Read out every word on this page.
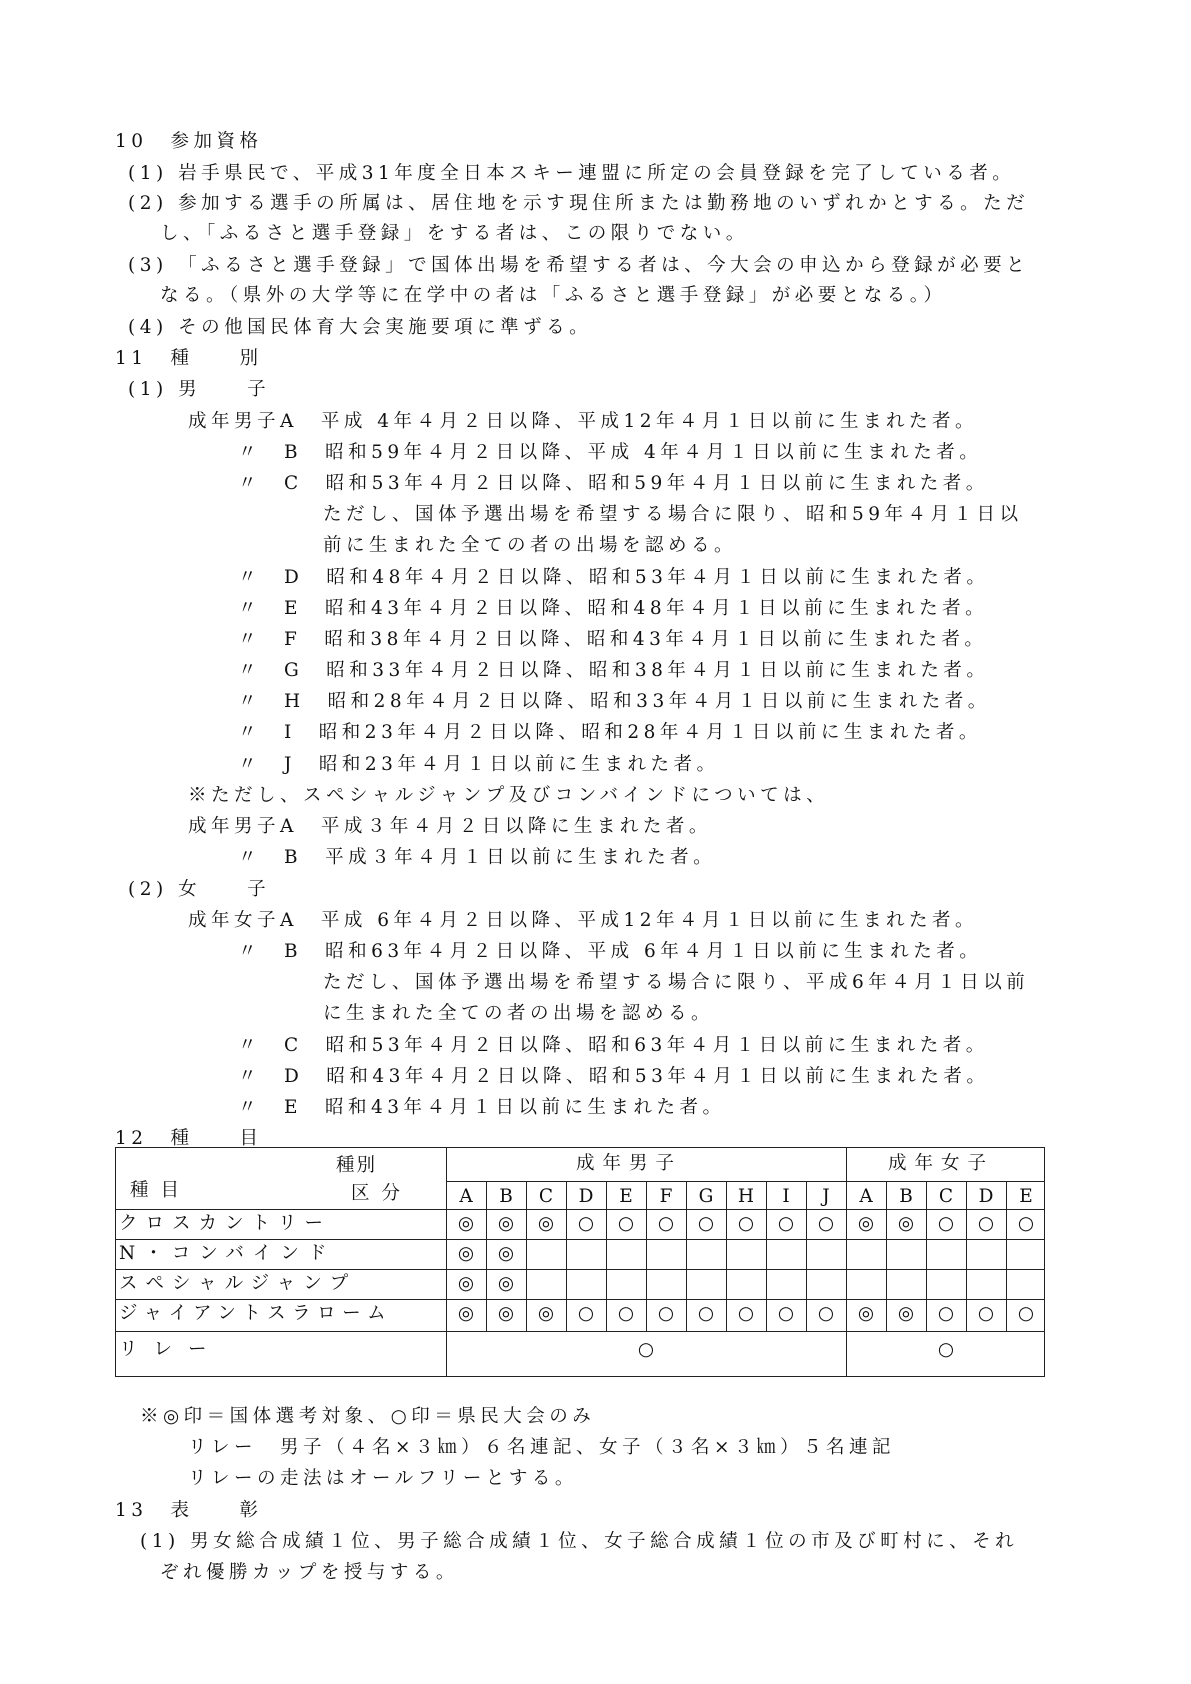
10　参加資格
(1) 岩手県民で、平成31年度全日本スキー連盟に所定の会員登録を完了している者。
(2) 参加する選手の所属は、居住地を示す現住所または勤務地のいずれかとする。ただ
し、「ふるさと選手登録」をする者は、この限りでない。
(3) 「ふるさと選手登録」で国体出場を希望する者は、今大会の申込から登録が必要と
なる。（県外の大学等に在学中の者は「ふるさと選手登録」が必要となる。）
(4) その他国民体育大会実施要項に準ずる。
11　種　　別
(1) 男　　子
成年男子A　平成 4年４月２日以降、平成12年４月１日以前に生まれた者。
〃　B　昭和59年４月２日以降、平成 4年４月１日以前に生まれた者。
〃　C　昭和53年４月２日以降、昭和59年４月１日以前に生まれた者。
ただし、国体予選出場を希望する場合に限り、昭和59年４月１日以
前に生まれた全ての者の出場を認める。
〃　D　昭和48年４月２日以降、昭和53年４月１日以前に生まれた者。
〃　E　昭和43年４月２日以降、昭和48年４月１日以前に生まれた者。
〃　F　昭和38年４月２日以降、昭和43年４月１日以前に生まれた者。
〃　G　昭和33年４月２日以降、昭和38年４月１日以前に生まれた者。
〃　H　昭和28年４月２日以降、昭和33年４月１日以前に生まれた者。
〃　I　昭和23年４月２日以降、昭和28年４月１日以前に生まれた者。
〃　J　昭和23年４月１日以前に生まれた者。
※ただし、スペシャルジャンプ及びコンバインドについては、
成年男子A　平成３年４月２日以降に生まれた者。
〃　B　平成３年４月１日以前に生まれた者。
(2) 女　　子
成年女子A　平成 6年４月２日以降、平成12年４月１日以前に生まれた者。
〃　B　昭和63年４月２日以降、平成 6年４月１日以前に生まれた者。
ただし、国体予選出場を希望する場合に限り、平成6年４月１日以前
に生まれた全ての者の出場を認める。
〃　C　昭和53年４月２日以降、昭和63年４月１日以前に生まれた者。
〃　D　昭和43年４月２日以降、昭和53年４月１日以前に生まれた者。
〃　E　昭和43年４月１日以前に生まれた者。
12　種　　目
※◎印＝国体選考対象、○印＝県民大会のみ
リレー　男子（４名×３㎞）６名連記、女子（３名×３㎞）５名連記
リレーの走法はオールフリーとする。
13　表　　彰
(1) 男女総合成績１位、男子総合成績１位、女子総合成績１位の市及び町村に、それ
ぞれ優勝カップを授与する。
種別
区分
種目
成年男子	成年女子
A	B	C	D	E	F	G	H	I	J	A	B	C	D	E
クロスカントリー	◎	◎	◎	○	○	○	○	○	○	○	◎	◎	○	○	○
N・コンバインド	◎	◎
スペシャルジャンプ	◎	◎
ジャイアントスラローム	◎	◎	◎	○	○	○	○	○	○	○	◎	◎	○	○	○
リレー	○	○
